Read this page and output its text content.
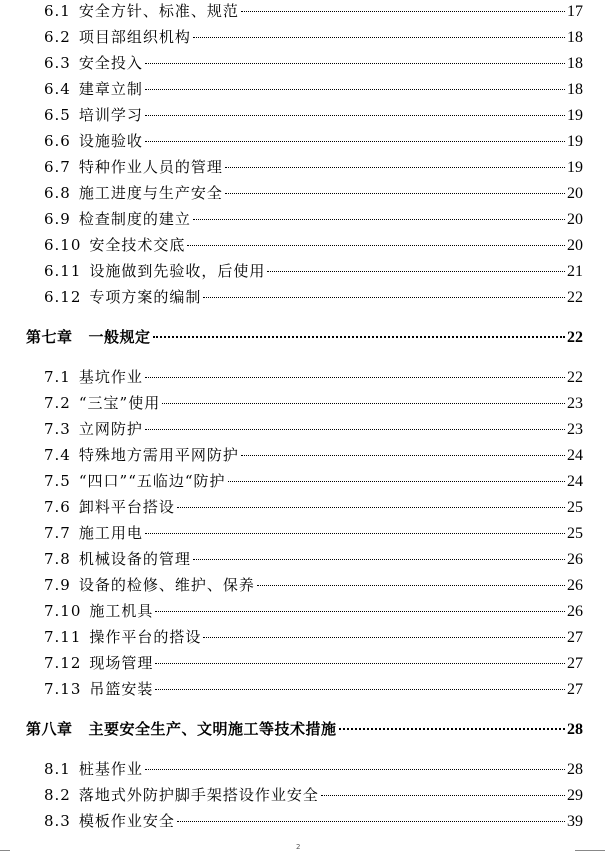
6.1 安全方针、标准、规范	17
6.2 项目部组织机构	18
6.3 安全投入	18
6.4 建章立制	18
6.5 培训学习	19
6.6 设施验收	19
6.7 特种作业人员的管理	19
6.8 施工进度与生产安全	20
6.9 检查制度的建立	20
6.10 安全技术交底	20
6.11 设施做到先验收，后使用	21
6.12 专项方案的编制	22
第七章	一般规定	22
7.1 基坑作业	22
7.2 “三宝”使用	23
7.3 立网防护	23
7.4 特殊地方需用平网防护	24
7.5 “四口”“五临边“防护	24
7.6 卸料平台搭设	25
7.7 施工用电	25
7.8 机械设备的管理	26
7.9 设备的检修、维护、保养	26
7.10 施工机具	26
7.11 操作平台的搭设	27
7.12 现场管理	27
7.13 吊篮安装	27
第八章	主要安全生产、文明施工等技术措施	28
8.1 桩基作业	28
8.2 落地式外防护脚手架搭设作业安全	29
8.3 模板作业安全	39
2
